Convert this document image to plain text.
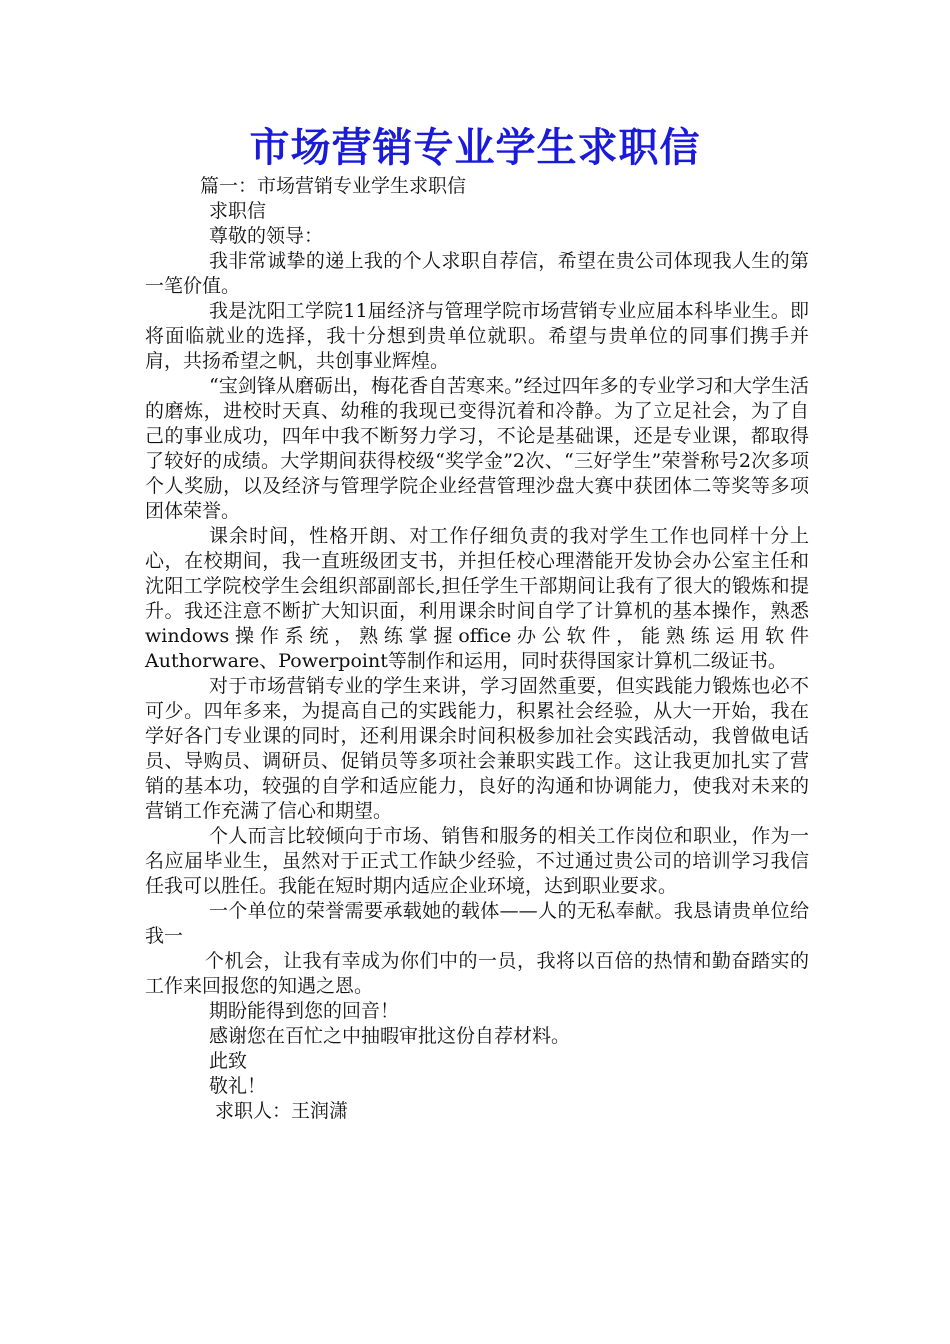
市场营销专业学生求职信

篇一：市场营销专业学生求职信

求职信

尊敬的领导：

我非常诚挚的递上我的个人求职自荐信，希望在贵公司体现我人生的第一笔价值。

我是沈阳工学院11届经济与管理学院市场营销专业应届本科毕业生。即将面临就业的选择，我十分想到贵单位就职。希望与贵单位的同事们携手并肩，共扬希望之帆，共创事业辉煌。

“宝剑锋从磨砺出，梅花香自苦寒来。”经过四年多的专业学习和大学生活的磨炼，进校时天真、幼稚的我现已变得沉着和冷静。为了立足社会，为了自己的事业成功，四年中我不断努力学习，不论是基础课，还是专业课，都取得了较好的成绩。大学期间获得校级“奖学金”2次、“三好学生”荣誉称号2次多项个人奖励，以及经济与管理学院企业经营管理沙盘大赛中获团体二等奖等多项团体荣誉。

课余时间，性格开朗、对工作仔细负责的我对学生工作也同样十分上心，在校期间，我一直班级团支书，并担任校心理潜能开发协会办公室主任和沈阳工学院校学生会组织部副部长,担任学生干部期间让我有了很大的锻炼和提升。我还注意不断扩大知识面，利用课余时间自学了计算机的基本操作，熟悉windows操作系统，熟练掌握office办公软件，能熟练运用软件Authorware、Powerpoint等制作和运用，同时获得国家计算机二级证书。

对于市场营销专业的学生来讲，学习固然重要，但实践能力锻炼也必不可少。四年多来，为提高自己的实践能力，积累社会经验，从大一开始，我在学好各门专业课的同时，还利用课余时间积极参加社会实践活动，我曾做电话员、导购员、调研员、促销员等多项社会兼职实践工作。这让我更加扎实了营销的基本功，较强的自学和适应能力，良好的沟通和协调能力，使我对未来的营销工作充满了信心和期望。

个人而言比较倾向于市场、销售和服务的相关工作岗位和职业，作为一名应届毕业生，虽然对于正式工作缺少经验，不过通过贵公司的培训学习我信任我可以胜任。我能在短时期内适应企业环境，达到职业要求。

一个单位的荣誉需要承载她的载体——人的无私奉献。我恳请贵单位给我一

个机会，让我有幸成为你们中的一员，我将以百倍的热情和勤奋踏实的工作来回报您的知遇之恩。

期盼能得到您的回音！

感谢您在百忙之中抽暇审批这份自荐材料。

此致

敬礼！

求职人：王润潇
